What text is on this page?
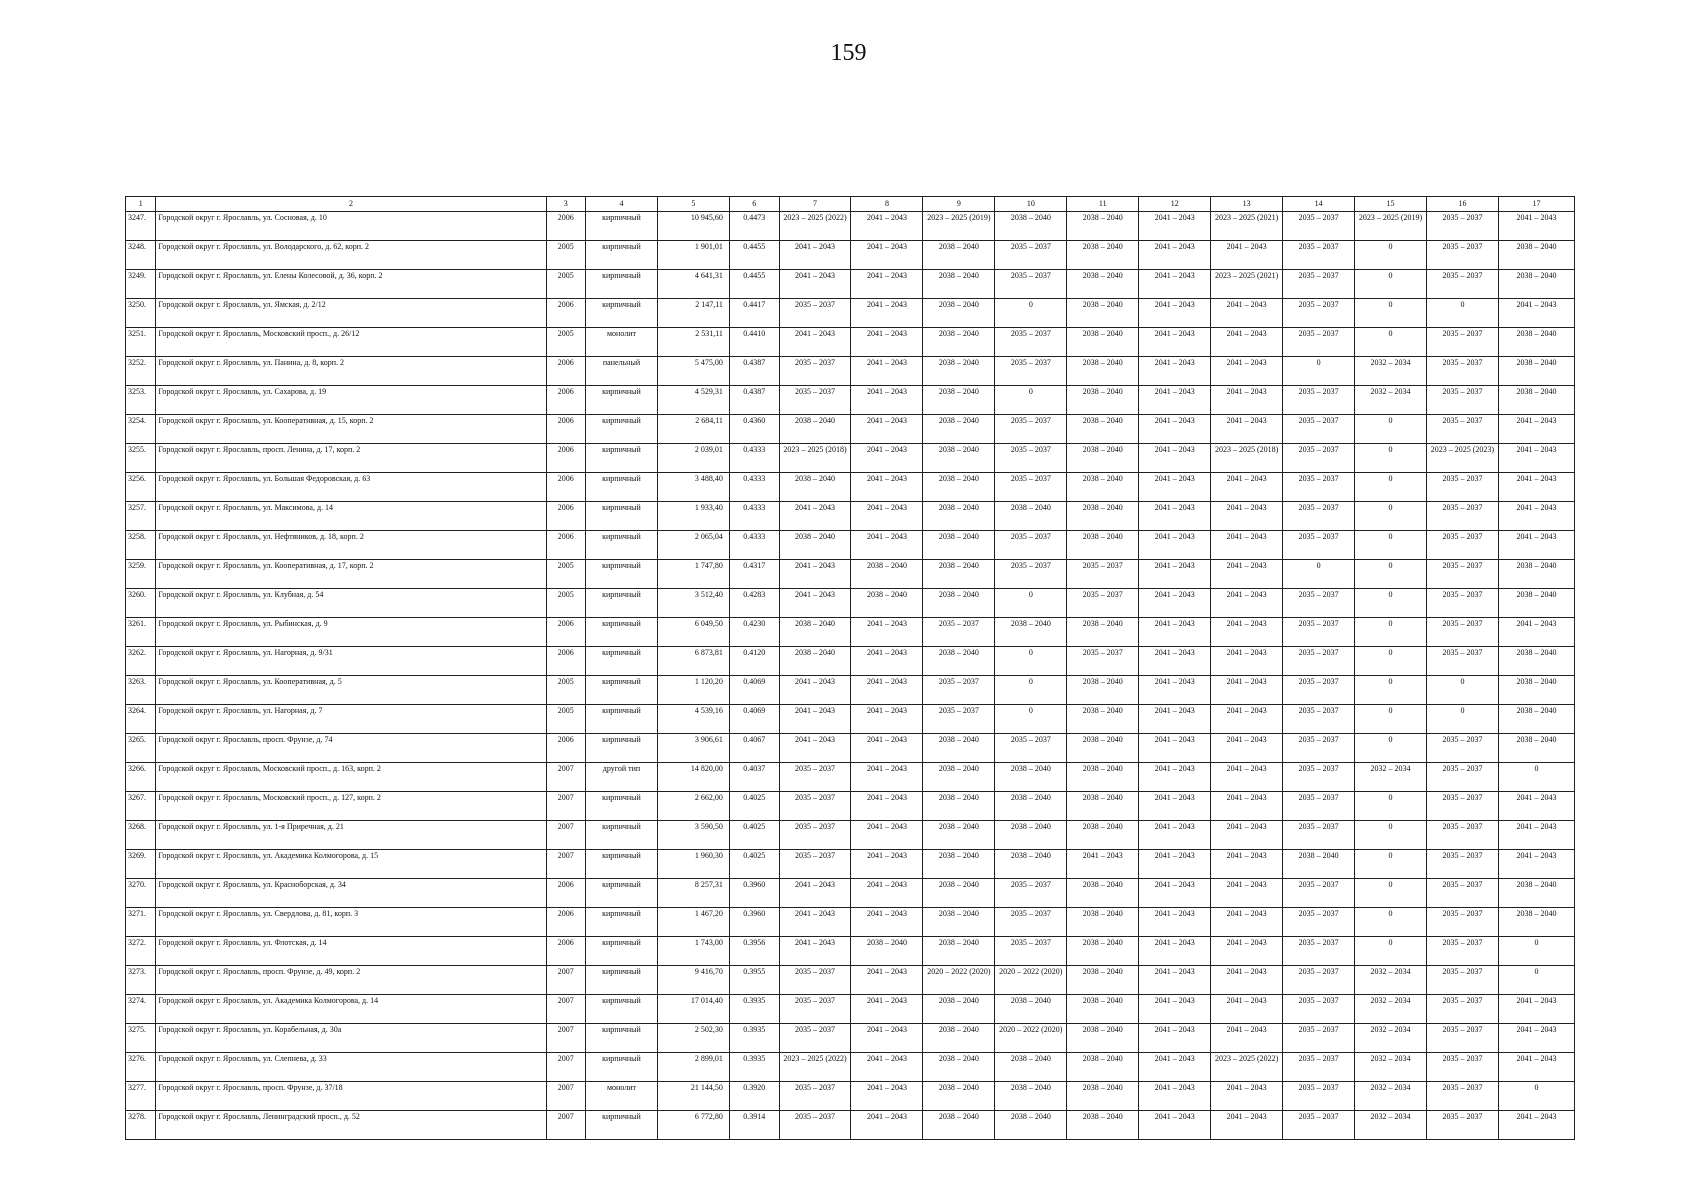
159
1	2	3	4	5	6	7	8	9	10	11	12	13	14	15	16	17
3247.	Городской округ г. Ярославль, ул. Сосновая, д. 10	2006	кирпичный	10 945,60	0.4473	2023 – 2025 (2022)	2041 – 2043	2023 – 2025 (2019)	2038 – 2040	2038 – 2040	2041 – 2043	2023 – 2025 (2021)	2035 – 2037	2023 – 2025 (2019)	2035 – 2037	2041 – 2043
3248.	Городской округ г. Ярославль, ул. Володарского, д. 62, корп. 2	2005	кирпичный	1 901,01	0.4455	2041 – 2043	2041 – 2043	2038 – 2040	2035 – 2037	2038 – 2040	2041 – 2043	2041 – 2043	2035 – 2037	0	2035 – 2037	2038 – 2040
3249.	Городской округ г. Ярославль, ул. Елены Колесовой, д. 36, корп. 2	2005	кирпичный	4 641,31	0.4455	2041 – 2043	2041 – 2043	2038 – 2040	2035 – 2037	2038 – 2040	2041 – 2043	2023 – 2025 (2021)	2035 – 2037	0	2035 – 2037	2038 – 2040
3250.	Городской округ г. Ярославль, ул. Ямская, д. 2/12	2006	кирпичный	2 147,11	0.4417	2035 – 2037	2041 – 2043	2038 – 2040	0	2038 – 2040	2041 – 2043	2041 – 2043	2035 – 2037	0	0	2041 – 2043
3251.	Городской округ г. Ярославль, Московский просп., д. 26/12	2005	монолит	2 531,11	0.4410	2041 – 2043	2041 – 2043	2038 – 2040	2035 – 2037	2038 – 2040	2041 – 2043	2041 – 2043	2035 – 2037	0	2035 – 2037	2038 – 2040
3252.	Городской округ г. Ярославль, ул. Панина, д. 8, корп. 2	2006	панельный	5 475,00	0.4387	2035 – 2037	2041 – 2043	2038 – 2040	2035 – 2037	2038 – 2040	2041 – 2043	2041 – 2043	0	2032 – 2034	2035 – 2037	2038 – 2040
3253.	Городской округ г. Ярославль, ул. Сахарова, д. 19	2006	кирпичный	4 529,31	0.4387	2035 – 2037	2041 – 2043	2038 – 2040	0	2038 – 2040	2041 – 2043	2041 – 2043	2035 – 2037	2032 – 2034	2035 – 2037	2038 – 2040
3254.	Городской округ г. Ярославль, ул. Кооперативная, д. 15, корп. 2	2006	кирпичный	2 684,11	0.4360	2038 – 2040	2041 – 2043	2038 – 2040	2035 – 2037	2038 – 2040	2041 – 2043	2041 – 2043	2035 – 2037	0	2035 – 2037	2041 – 2043
3255.	Городской округ г. Ярославль, просп. Ленина, д. 17, корп. 2	2006	кирпичный	2 039,01	0.4333	2023 – 2025 (2018)	2041 – 2043	2038 – 2040	2035 – 2037	2038 – 2040	2041 – 2043	2023 – 2025 (2018)	2035 – 2037	0	2023 – 2025 (2023)	2041 – 2043
3256.	Городской округ г. Ярославль, ул. Большая Федоровская, д. 63	2006	кирпичный	3 488,40	0.4333	2038 – 2040	2041 – 2043	2038 – 2040	2035 – 2037	2038 – 2040	2041 – 2043	2041 – 2043	2035 – 2037	0	2035 – 2037	2041 – 2043
3257.	Городской округ г. Ярославль, ул. Максимова, д. 14	2006	кирпичный	1 933,40	0.4333	2041 – 2043	2041 – 2043	2038 – 2040	2038 – 2040	2038 – 2040	2041 – 2043	2041 – 2043	2035 – 2037	0	2035 – 2037	2041 – 2043
3258.	Городской округ г. Ярославль, ул. Нефтяников, д. 18, корп. 2	2006	кирпичный	2 065,04	0.4333	2038 – 2040	2041 – 2043	2038 – 2040	2035 – 2037	2038 – 2040	2041 – 2043	2041 – 2043	2035 – 2037	0	2035 – 2037	2041 – 2043
3259.	Городской округ г. Ярославль, ул. Кооперативная, д. 17, корп. 2	2005	кирпичный	1 747,80	0.4317	2041 – 2043	2038 – 2040	2038 – 2040	2035 – 2037	2035 – 2037	2041 – 2043	2041 – 2043	0	0	2035 – 2037	2038 – 2040
3260.	Городской округ г. Ярославль, ул. Клубная, д. 54	2005	кирпичный	3 512,40	0.4283	2041 – 2043	2038 – 2040	2038 – 2040	0	2035 – 2037	2041 – 2043	2041 – 2043	2035 – 2037	0	2035 – 2037	2038 – 2040
3261.	Городской округ г. Ярославль, ул. Рыбинская, д. 9	2006	кирпичный	6 049,50	0.4230	2038 – 2040	2041 – 2043	2035 – 2037	2038 – 2040	2038 – 2040	2041 – 2043	2041 – 2043	2035 – 2037	0	2035 – 2037	2041 – 2043
3262.	Городской округ г. Ярославль, ул. Нагорная, д. 9/31	2006	кирпичный	6 873,81	0.4120	2038 – 2040	2041 – 2043	2038 – 2040	0	2035 – 2037	2041 – 2043	2041 – 2043	2035 – 2037	0	2035 – 2037	2038 – 2040
3263.	Городской округ г. Ярославль, ул. Кооперативная, д. 5	2005	кирпичный	1 120,20	0.4069	2041 – 2043	2041 – 2043	2035 – 2037	0	2038 – 2040	2041 – 2043	2041 – 2043	2035 – 2037	0	0	2038 – 2040
3264.	Городской округ г. Ярославль, ул. Нагорная, д. 7	2005	кирпичный	4 539,16	0.4069	2041 – 2043	2041 – 2043	2035 – 2037	0	2038 – 2040	2041 – 2043	2041 – 2043	2035 – 2037	0	0	2038 – 2040
3265.	Городской округ г. Ярославль, просп. Фрунзе, д. 74	2006	кирпичный	3 906,61	0.4067	2041 – 2043	2041 – 2043	2038 – 2040	2035 – 2037	2038 – 2040	2041 – 2043	2041 – 2043	2035 – 2037	0	2035 – 2037	2038 – 2040
3266.	Городской округ г. Ярославль, Московский просп., д. 163, корп. 2	2007	другой тип	14 820,00	0.4037	2035 – 2037	2041 – 2043	2038 – 2040	2038 – 2040	2038 – 2040	2041 – 2043	2041 – 2043	2035 – 2037	2032 – 2034	2035 – 2037	0
3267.	Городской округ г. Ярославль, Московский просп., д. 127, корп. 2	2007	кирпичный	2 662,00	0.4025	2035 – 2037	2041 – 2043	2038 – 2040	2038 – 2040	2038 – 2040	2041 – 2043	2041 – 2043	2035 – 2037	0	2035 – 2037	2041 – 2043
3268.	Городской округ г. Ярославль, ул. 1-я Приречная, д. 21	2007	кирпичный	3 590,50	0.4025	2035 – 2037	2041 – 2043	2038 – 2040	2038 – 2040	2038 – 2040	2041 – 2043	2041 – 2043	2035 – 2037	0	2035 – 2037	2041 – 2043
3269.	Городской округ г. Ярославль, ул. Академика Колмогорова, д. 15	2007	кирпичный	1 960,30	0.4025	2035 – 2037	2041 – 2043	2038 – 2040	2038 – 2040	2041 – 2043	2041 – 2043	2041 – 2043	2038 – 2040	0	2035 – 2037	2041 – 2043
3270.	Городской округ г. Ярославль, ул. Красноборская, д. 34	2006	кирпичный	8 257,31	0.3960	2041 – 2043	2041 – 2043	2038 – 2040	2035 – 2037	2038 – 2040	2041 – 2043	2041 – 2043	2035 – 2037	0	2035 – 2037	2038 – 2040
3271.	Городской округ г. Ярославль, ул. Свердлова, д. 81, корп. 3	2006	кирпичный	1 467,20	0.3960	2041 – 2043	2041 – 2043	2038 – 2040	2035 – 2037	2038 – 2040	2041 – 2043	2041 – 2043	2035 – 2037	0	2035 – 2037	2038 – 2040
3272.	Городской округ г. Ярославль, ул. Флотская, д. 14	2006	кирпичный	1 743,00	0.3956	2041 – 2043	2038 – 2040	2038 – 2040	2035 – 2037	2038 – 2040	2041 – 2043	2041 – 2043	2035 – 2037	0	2035 – 2037	0
3273.	Городской округ г. Ярославль, просп. Фрунзе, д. 49, корп. 2	2007	кирпичный	9 416,70	0.3955	2035 – 2037	2041 – 2043	2020 – 2022 (2020)	2020 – 2022 (2020)	2038 – 2040	2041 – 2043	2041 – 2043	2035 – 2037	2032 – 2034	2035 – 2037	0
3274.	Городской округ г. Ярославль, ул. Академика Колмогорова, д. 14	2007	кирпичный	17 014,40	0.3935	2035 – 2037	2041 – 2043	2038 – 2040	2038 – 2040	2038 – 2040	2041 – 2043	2041 – 2043	2035 – 2037	2032 – 2034	2035 – 2037	2041 – 2043
3275.	Городской округ г. Ярославль, ул. Корабельная, д. 30а	2007	кирпичный	2 502,30	0.3935	2035 – 2037	2041 – 2043	2038 – 2040	2020 – 2022 (2020)	2038 – 2040	2041 – 2043	2041 – 2043	2035 – 2037	2032 – 2034	2035 – 2037	2041 – 2043
3276.	Городской округ г. Ярославль, ул. Слепнева, д. 33	2007	кирпичный	2 899,01	0.3935	2023 – 2025 (2022)	2041 – 2043	2038 – 2040	2038 – 2040	2038 – 2040	2041 – 2043	2023 – 2025 (2022)	2035 – 2037	2032 – 2034	2035 – 2037	2041 – 2043
3277.	Городской округ г. Ярославль, просп. Фрунзе, д. 37/18	2007	монолит	21 144,50	0.3920	2035 – 2037	2041 – 2043	2038 – 2040	2038 – 2040	2038 – 2040	2041 – 2043	2041 – 2043	2035 – 2037	2032 – 2034	2035 – 2037	0
3278.	Городской округ г. Ярославль, Ленинградский просп., д. 52	2007	кирпичный	6 772,80	0.3914	2035 – 2037	2041 – 2043	2038 – 2040	2038 – 2040	2038 – 2040	2041 – 2043	2041 – 2043	2035 – 2037	2032 – 2034	2035 – 2037	2041 – 2043
